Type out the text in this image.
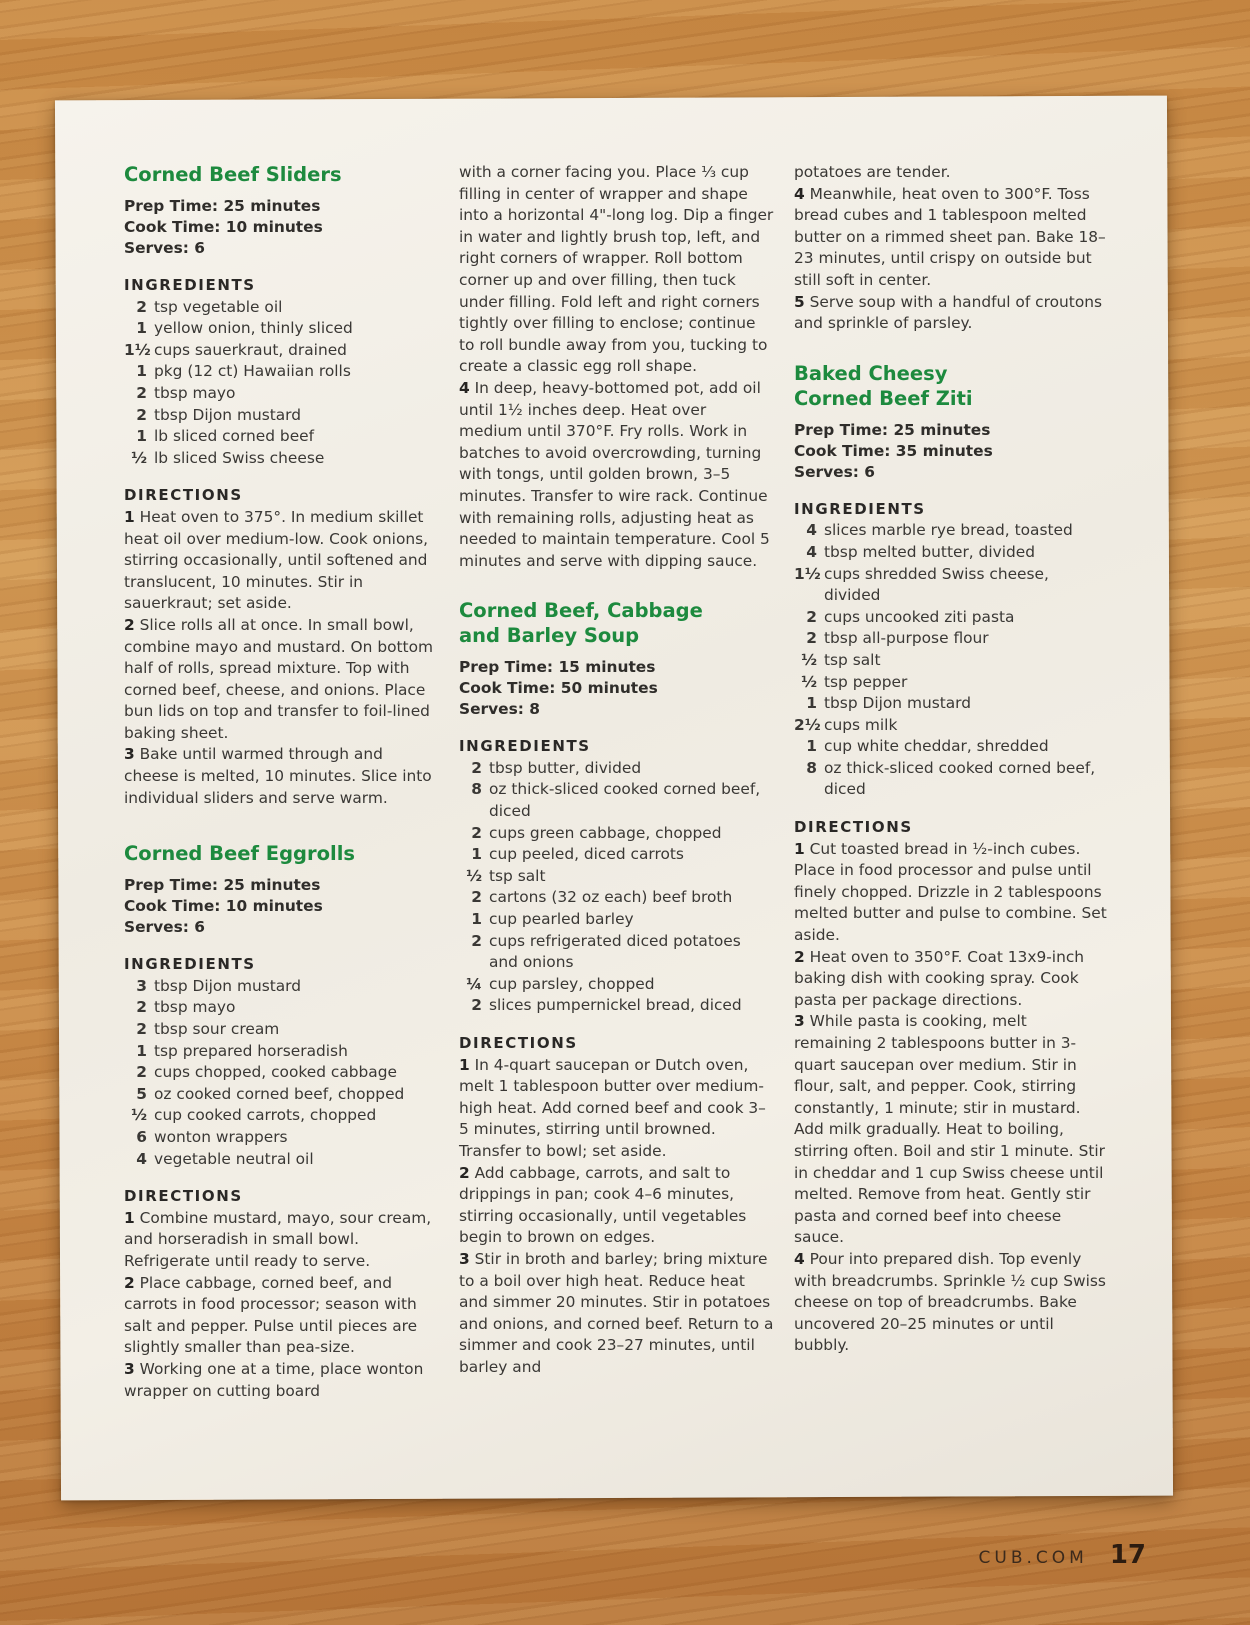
Corned Beef Sliders
Prep Time: 25 minutes
Cook Time: 10 minutes
Serves: 6
INGREDIENTS
2 tsp vegetable oil
1 yellow onion, thinly sliced
1½ cups sauerkraut, drained
1 pkg (12 ct) Hawaiian rolls
2 tbsp mayo
2 tbsp Dijon mustard
1 lb sliced corned beef
½ lb sliced Swiss cheese
DIRECTIONS

1 Heat oven to 375°. In medium skillet heat oil over medium-low. Cook onions, stirring occasionally, until softened and translucent, 10 minutes. Stir in sauerkraut; set aside.

2 Slice rolls all at once. In small bowl, combine mayo and mustard. On bottom half of rolls, spread mixture. Top with corned beef, cheese, and onions. Place bun lids on top and transfer to foil-lined baking sheet.

3 Bake until warmed through and cheese is melted, 10 minutes. Slice into individual sliders and serve warm.

Corned Beef Eggrolls
Prep Time: 25 minutes
Cook Time: 10 minutes
Serves: 6
INGREDIENTS
3 tbsp Dijon mustard
2 tbsp mayo
2 tbsp sour cream
1 tsp prepared horseradish
2 cups chopped, cooked cabbage
5 oz cooked corned beef, chopped
½ cup cooked carrots, chopped
6 wonton wrappers
4 vegetable neutral oil
DIRECTIONS

1 Combine mustard, mayo, sour cream, and horseradish in small bowl. Refrigerate until ready to serve.

2 Place cabbage, corned beef, and carrots in food processor; season with salt and pepper. Pulse until pieces are slightly smaller than pea-size.

3 Working one at a time, place wonton wrapper on cutting board

with a corner facing you. Place ⅓ cup filling in center of wrapper and shape into a horizontal 4"-long log. Dip a finger in water and lightly brush top, left, and right corners of wrapper. Roll bottom corner up and over filling, then tuck under filling. Fold left and right corners tightly over filling to enclose; continue to roll bundle away from you, tucking to create a classic egg roll shape.

4 In deep, heavy-bottomed pot, add oil until 1½ inches deep. Heat over medium until 370°F. Fry rolls. Work in batches to avoid overcrowding, turning with tongs, until golden brown, 3–5 minutes. Transfer to wire rack. Continue with remaining rolls, adjusting heat as needed to maintain temperature. Cool 5 minutes and serve with dipping sauce.

Corned Beef, Cabbage
and Barley Soup
Prep Time: 15 minutes
Cook Time: 50 minutes
Serves: 8
INGREDIENTS
2 tbsp butter, divided
8 oz thick-sliced cooked corned beef, diced
2 cups green cabbage, chopped
1 cup peeled, diced carrots
½ tsp salt
2 cartons (32 oz each) beef broth
1 cup pearled barley
2 cups refrigerated diced potatoes and onions
¼ cup parsley, chopped
2 slices pumpernickel bread, diced
DIRECTIONS

1 In 4-quart saucepan or Dutch oven, melt 1 tablespoon butter over medium-high heat. Add corned beef and cook 3–5 minutes, stirring until browned. Transfer to bowl; set aside.

2 Add cabbage, carrots, and salt to drippings in pan; cook 4–6 minutes, stirring occasionally, until vegetables begin to brown on edges.

3 Stir in broth and barley; bring mixture to a boil over high heat. Reduce heat and simmer 20 minutes. Stir in potatoes and onions, and corned beef. Return to a simmer and cook 23–27 minutes, until barley and

potatoes are tender.

4 Meanwhile, heat oven to 300°F. Toss bread cubes and 1 tablespoon melted butter on a rimmed sheet pan. Bake 18–23 minutes, until crispy on outside but still soft in center.

5 Serve soup with a handful of croutons and sprinkle of parsley.

Baked Cheesy
Corned Beef Ziti
Prep Time: 25 minutes
Cook Time: 35 minutes
Serves: 6
INGREDIENTS
4 slices marble rye bread, toasted
4 tbsp melted butter, divided
1½ cups shredded Swiss cheese, divided
2 cups uncooked ziti pasta
2 tbsp all-purpose flour
½ tsp salt
½ tsp pepper
1 tbsp Dijon mustard
2½ cups milk
1 cup white cheddar, shredded
8 oz thick-sliced cooked corned beef, diced
DIRECTIONS

1 Cut toasted bread in ½-inch cubes. Place in food processor and pulse until finely chopped. Drizzle in 2 tablespoons melted butter and pulse to combine. Set aside.

2 Heat oven to 350°F. Coat 13x9-inch baking dish with cooking spray. Cook pasta per package directions.

3 While pasta is cooking, melt remaining 2 tablespoons butter in 3-quart saucepan over medium. Stir in flour, salt, and pepper. Cook, stirring constantly, 1 minute; stir in mustard. Add milk gradually. Heat to boiling, stirring often. Boil and stir 1 minute. Stir in cheddar and 1 cup Swiss cheese until melted. Remove from heat. Gently stir pasta and corned beef into cheese sauce.

4 Pour into prepared dish. Top evenly with breadcrumbs. Sprinkle ½ cup Swiss cheese on top of breadcrumbs. Bake uncovered 20–25 minutes or until bubbly.

CUB.COM 17
